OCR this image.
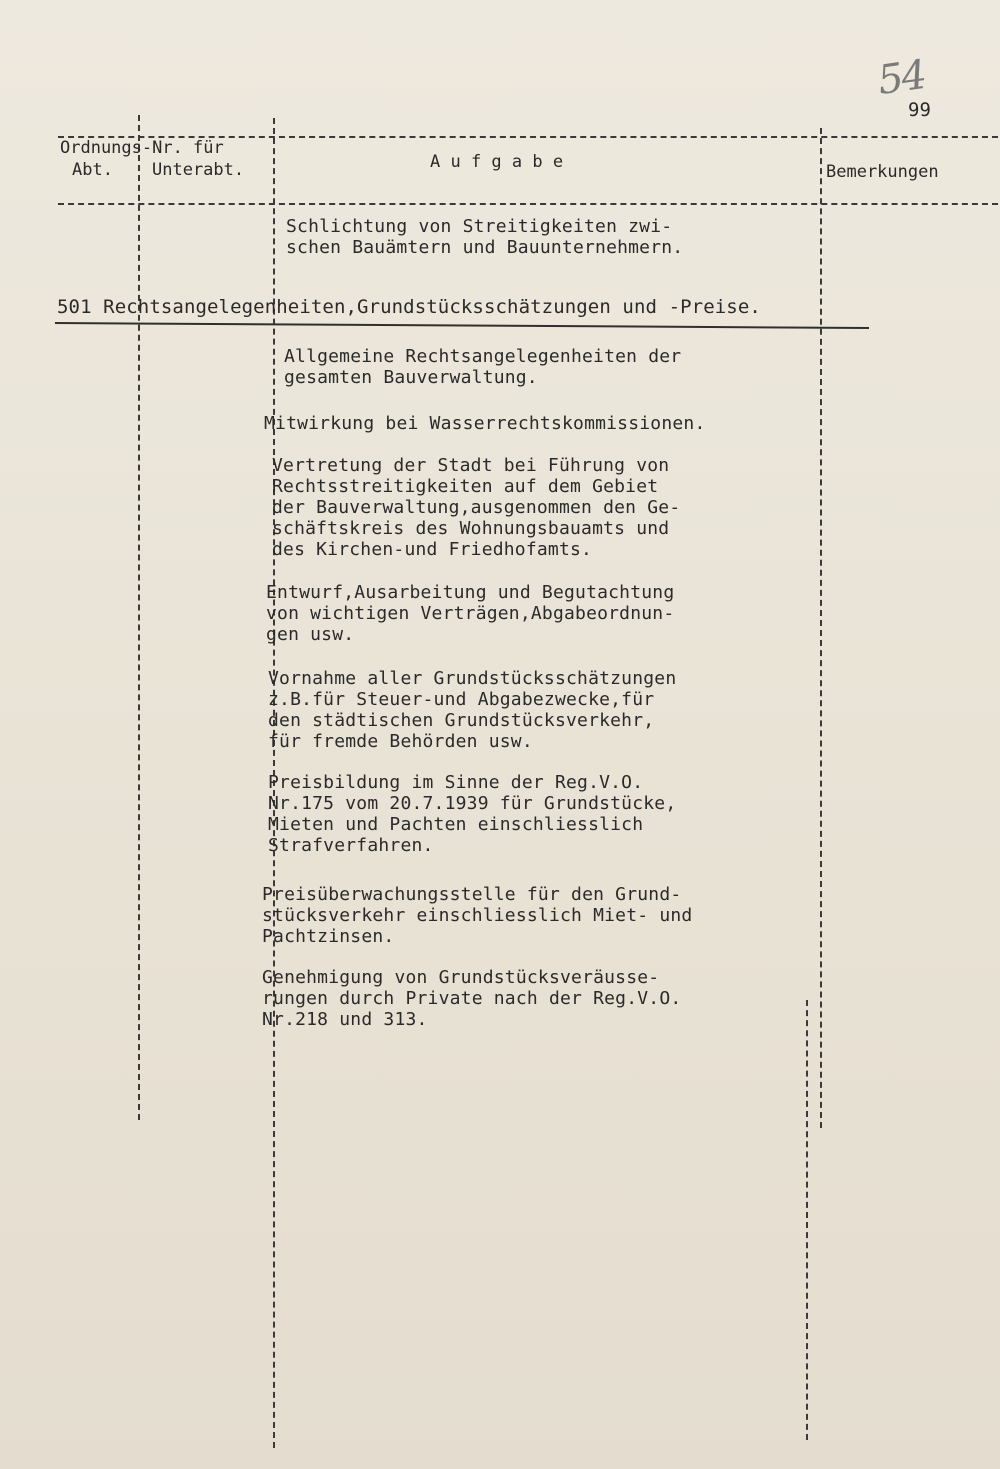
54
99
Ordnungs-Nr. für
Abt. Unterabt.	A u f g a b e	Bemerkungen
Schlichtung von Streitigkeiten zwi-
schen Bauämtern und Bauunternehmern.
501 Rechtsangelegenheiten,Grundstücksschätzungen und -Preise.
Allgemeine Rechtsangelegenheiten der
gesamten Bauverwaltung.
Mitwirkung bei Wasserrechtskommissionen.
Vertretung der Stadt bei Führung von
Rechtsstreitigkeiten auf dem Gebiet
der Bauverwaltung,ausgenommen den Ge-
schäftskreis des Wohnungsbauamts und
des Kirchen-und Friedhofamts.
Entwurf,Ausarbeitung und Begutachtung
von wichtigen Verträgen,Abgabeordnun-
gen usw.
Vornahme aller Grundstücksschätzungen
z.B.für Steuer-und Abgabezwecke,für
den städtischen Grundstücksverkehr,
für fremde Behörden usw.
Preisbildung im Sinne der Reg.V.O.
Nr.175 vom 20.7.1939 für Grundstücke,
Mieten und Pachten einschliesslich
Strafverfahren.
Preisüberwachungsstelle für den Grund-
stücksverkehr einschliesslich Miet- und
Pachtzinsen.
Genehmigung von Grundstücksveräusse-
rungen durch Private nach der Reg.V.O.
Nr.218 und 313.
